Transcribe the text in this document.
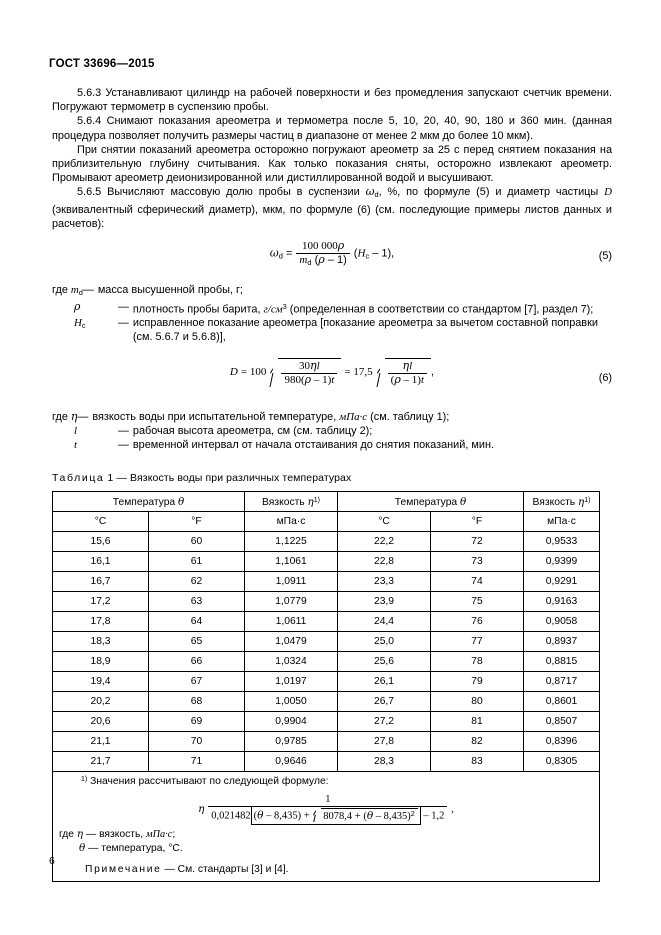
ГОСТ 33696—2015

5.6.3 Устанавливают цилиндр на рабочей поверхности и без промедления запускают счетчик времени. Погружают термометр в суспензию пробы.

5.6.4 Снимают показания ареометра и термометра после 5, 10, 20, 40, 90, 180 и 360 мин. (данная процедура позволяет получить размеры частиц в диапазоне от менее 2 мкм до более 10 мкм).

При снятии показаний ареометра осторожно погружают ареометр за 25 с перед снятием показания на приблизительную глубину считывания. Как только показания сняты, осторожно извлекают ареометр. Промывают ареометр деионизированной или дистиллированной водой и высушивают.

5.6.5 Вычиcляют массовую долю пробы в суспензии $\omega_d$, %, по формуле (5) и диаметр частицы D (эквивалентный сферический диаметр), мкм, по формуле (6) (см. последующие примеры листов данных и расчетов):

$\omega_d = \frac{100 000\rho}{m_d (\rho - 1)} (H_c - 1)$,	(5)
где $m_d$ — масса высушенной пробы, г;
ρ	— плотность пробы барита, $г/см^3$ (определенная в соответствии со стандартом [7], раздел 7);
$H_c$	— исправленное показание ареометра [показание ареометра за вычетом составной поправки (см. 5.6.7 и 5.6.8)],
$D = 100 \frac{30\eta l}{980(\rho - 1)t} = 17,5 \frac{\eta l}{(\rho - 1)t}$ ,	(6)
где η — вязкость воды при испытательной температуре, мПа·с (см. таблицу 1);
l	— рабочая высота ареометра, см (см. таблицу 2);
t	— временной интервал от начала отстаивания до снятия показаний, мин.
Таблица 1 — Вязкость воды при различных температурах
Температура θ		Вязкость $\eta^{1)}$	Температура θ		Вязкость $\eta^{1)}$
°C	°F	мПа·с	°C	°F	мПа·с
15,6	60	1,1225	22,2	72	0,9533
16,1	61	1,1061	22,8	73	0,9399
16,7	62	1,0911	23,3	74	0,9291
17,2	63	1,0779	23,9	75	0,9163
17,8	64	1,0611	24,4	76	0,9058
18,3	65	1,0479	25,0	77	0,8937
18,9	66	1,0324	25,6	78	0,8815
19,4	67	1,0197	26,1	79	0,8717
20,2	68	1,0050	26,7	80	0,8601
20,6	69	0,9904	27,2	81	0,8507
21,1	70	0,9785	27,8	82	0,8396
21,7	71	0,9646	28,3	83	0,8305

$^{1)}$ Значения рассчитывают по следующей формуле:
η $\frac{1}{0,021482 (\theta - 8,435) + 8078,4 + (\theta - 8,435)^2 - 1,2}$ ,
где η — вязкость, мПа·с;
θ — температура, °С.
Примечание — См. стандарты [3] и [4].
6
